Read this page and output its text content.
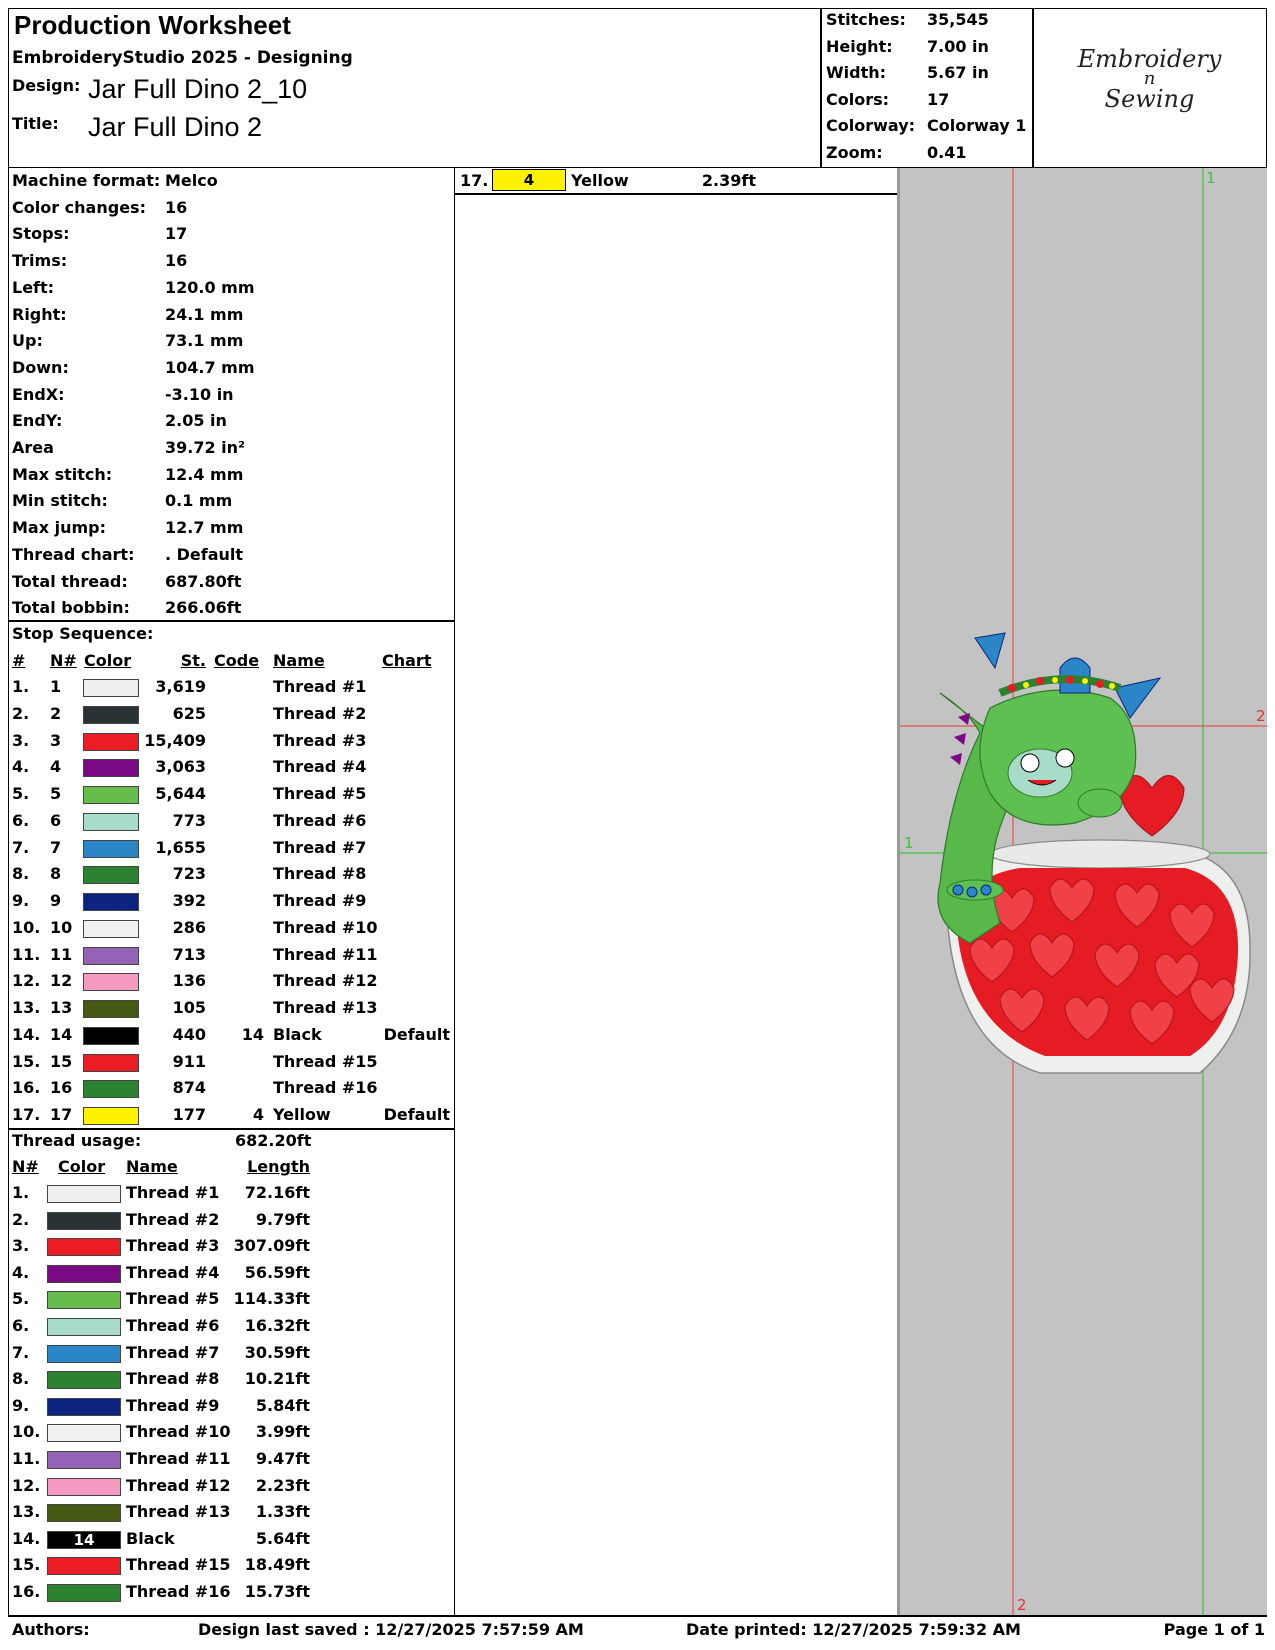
Production Worksheet
EmbroideryStudio 2025 - Designing
Design: Jar Full Dino 2_10
Title: Jar Full Dino 2
Stitches: 35,545
Height: 7.00 in
Width:	5.67 in
Colors: 17
Colorway: Colorway 1
Zoom:	0.41
Embroidery
n
Sewing
Machine format: Melco
Color changes: 16
Stops:	17
Trims:	16
Left:	120.0 mm
Right:	24.1 mm
Up:	73.1 mm
Down:	104.7 mm
EndX:	-3.10 in
EndY:	2.05 in
Area	39.72 in²
Max stitch:	12.4 mm
Min stitch:	0.1 mm
Max jump:	12.7 mm
Thread chart: . Default
Total thread: 687.80ft
Total bobbin: 266.06ft
Stop Sequence:
# N# Color	St. Code Name	Chart
1. 1	3,619	Thread #1
2. 2	625	Thread #2
3. 3	15,409	Thread #3
4. 4	3,063	Thread #4
5. 5	5,644	Thread #5
6. 6	773	Thread #6
7. 7	1,655	Thread #7
8. 8	723	Thread #8
9. 9	392	Thread #9
10. 10	286	Thread #10
11. 11	713	Thread #11
12. 12	136	Thread #12
13. 13	105	Thread #13
14. 14	440	14 Black	Default
15. 15	911	Thread #15
16. 16	874	Thread #16
17. 17	177	4 Yellow	Default
Thread usage:	682.20ft
N# Color Name	Length
1.	Thread #1	72.16ft
2.	Thread #2	9.79ft
3.	Thread #3 307.09ft
4.	Thread #4	56.59ft
5.	Thread #5 114.33ft
6.	Thread #6	16.32ft
7.	Thread #7	30.59ft
8.	Thread #8	10.21ft
9.	Thread #9	5.84ft
10.	Thread #10	3.99ft
11.	Thread #11	9.47ft
12.	Thread #12	2.23ft
13.	Thread #13	1.33ft
14.	14	Black	5.64ft
15.	Thread #15 18.49ft
16.	Thread #16 15.73ft
17.	4	Yellow	2.39ft	1
2
1
2
Authors:	Design last saved : 12/27/2025 7:57:59 AM	Date printed: 12/27/2025 7:59:32 AM	Page 1 of 1
